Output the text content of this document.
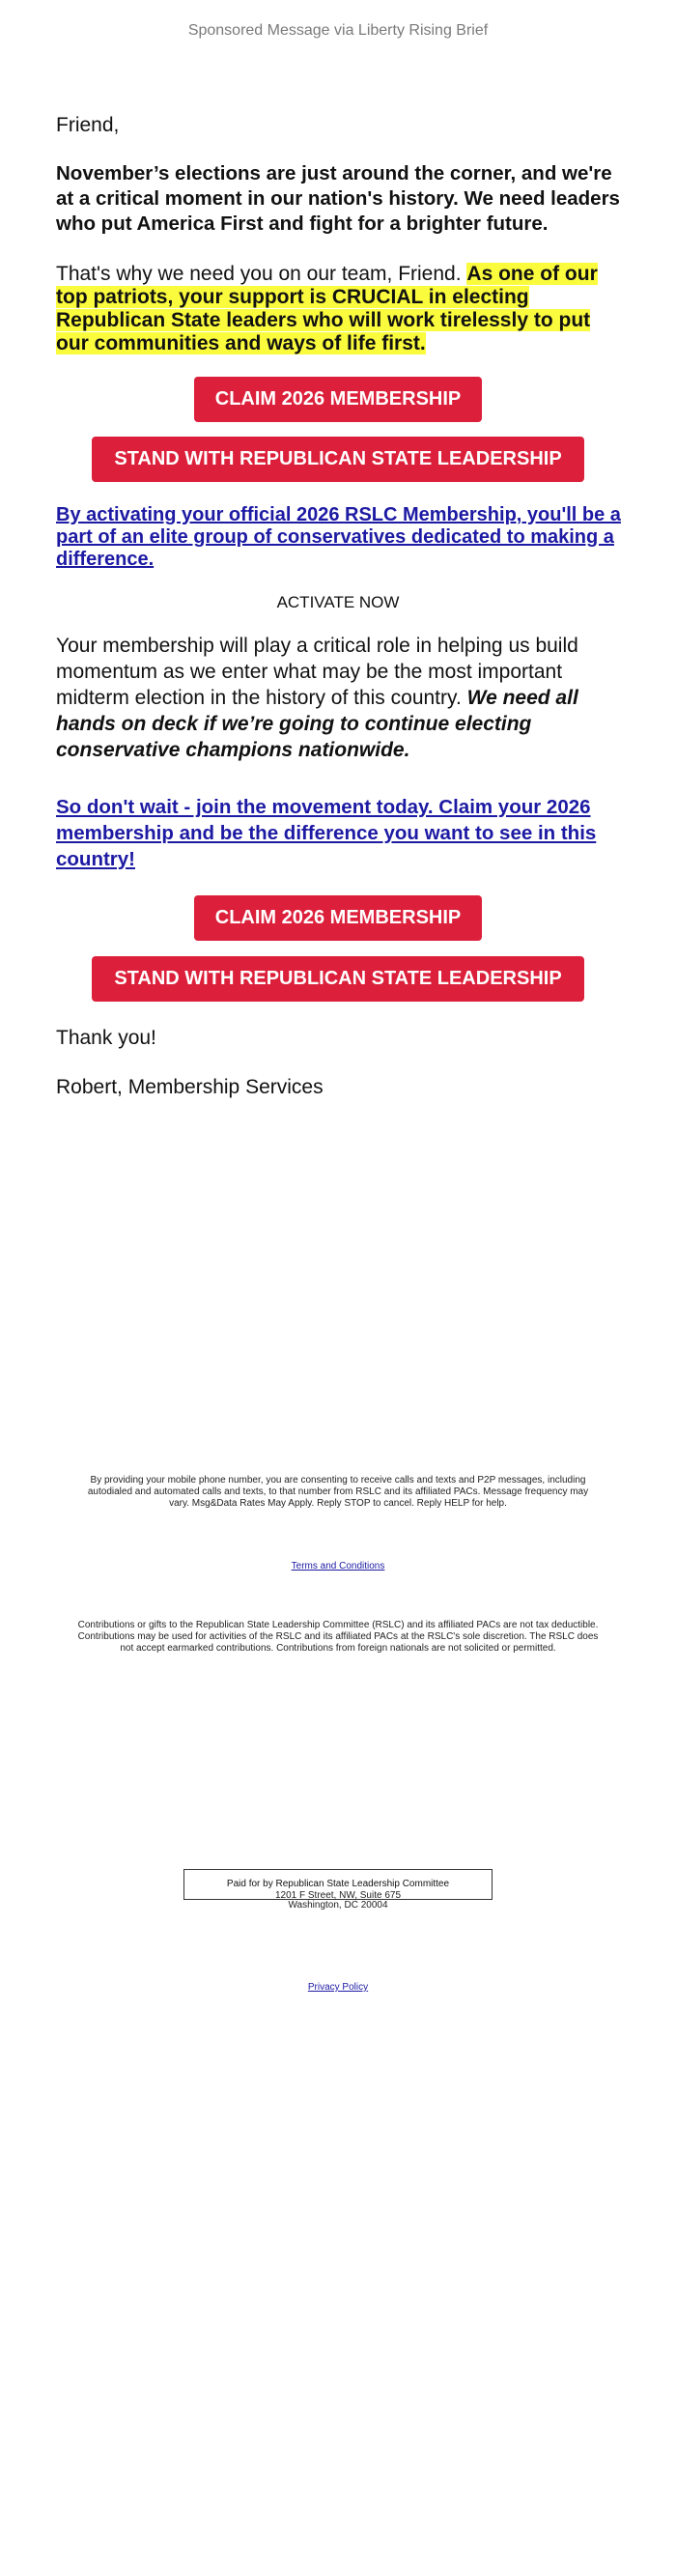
Sponsored Message via Liberty Rising Brief
Friend,
November’s elections are just around the corner, and we're at a critical moment in our nation's history. We need leaders who put America First and fight for a brighter future.
That's why we need you on our team, Friend. As one of our top patriots, your support is CRUCIAL in electing Republican State leaders who will work tirelessly to put our communities and ways of life first.
CLAIM 2026 MEMBERSHIP
STAND WITH REPUBLICAN STATE LEADERSHIP
By activating your official 2026 RSLC Membership, you'll be a part of an elite group of conservatives dedicated to making a difference.
ACTIVATE NOW
Your membership will play a critical role in helping us build momentum as we enter what may be the most important midterm election in the history of this country. We need all hands on deck if we’re going to continue electing conservative champions nationwide.
So don't wait - join the movement today. Claim your 2026 membership and be the difference you want to see in this country!
CLAIM 2026 MEMBERSHIP
STAND WITH REPUBLICAN STATE LEADERSHIP
Thank you!
Robert, Membership Services
By providing your mobile phone number, you are consenting to receive calls and texts and P2P messages, including autodialed and automated calls and texts, to that number from RSLC and its affiliated PACs. Message frequency may vary. Msg&Data Rates May Apply. Reply STOP to cancel. Reply HELP for help.
Terms and Conditions
Contributions or gifts to the Republican State Leadership Committee (RSLC) and its affiliated PACs are not tax deductible. Contributions may be used for activities of the RSLC and its affiliated PACs at the RSLC's sole discretion. The RSLC does not accept earmarked contributions. Contributions from foreign nationals are not solicited or permitted.
Paid for by Republican State Leadership Committee
1201 F Street, NW, Suite 675
Washington, DC 20004
Privacy Policy
